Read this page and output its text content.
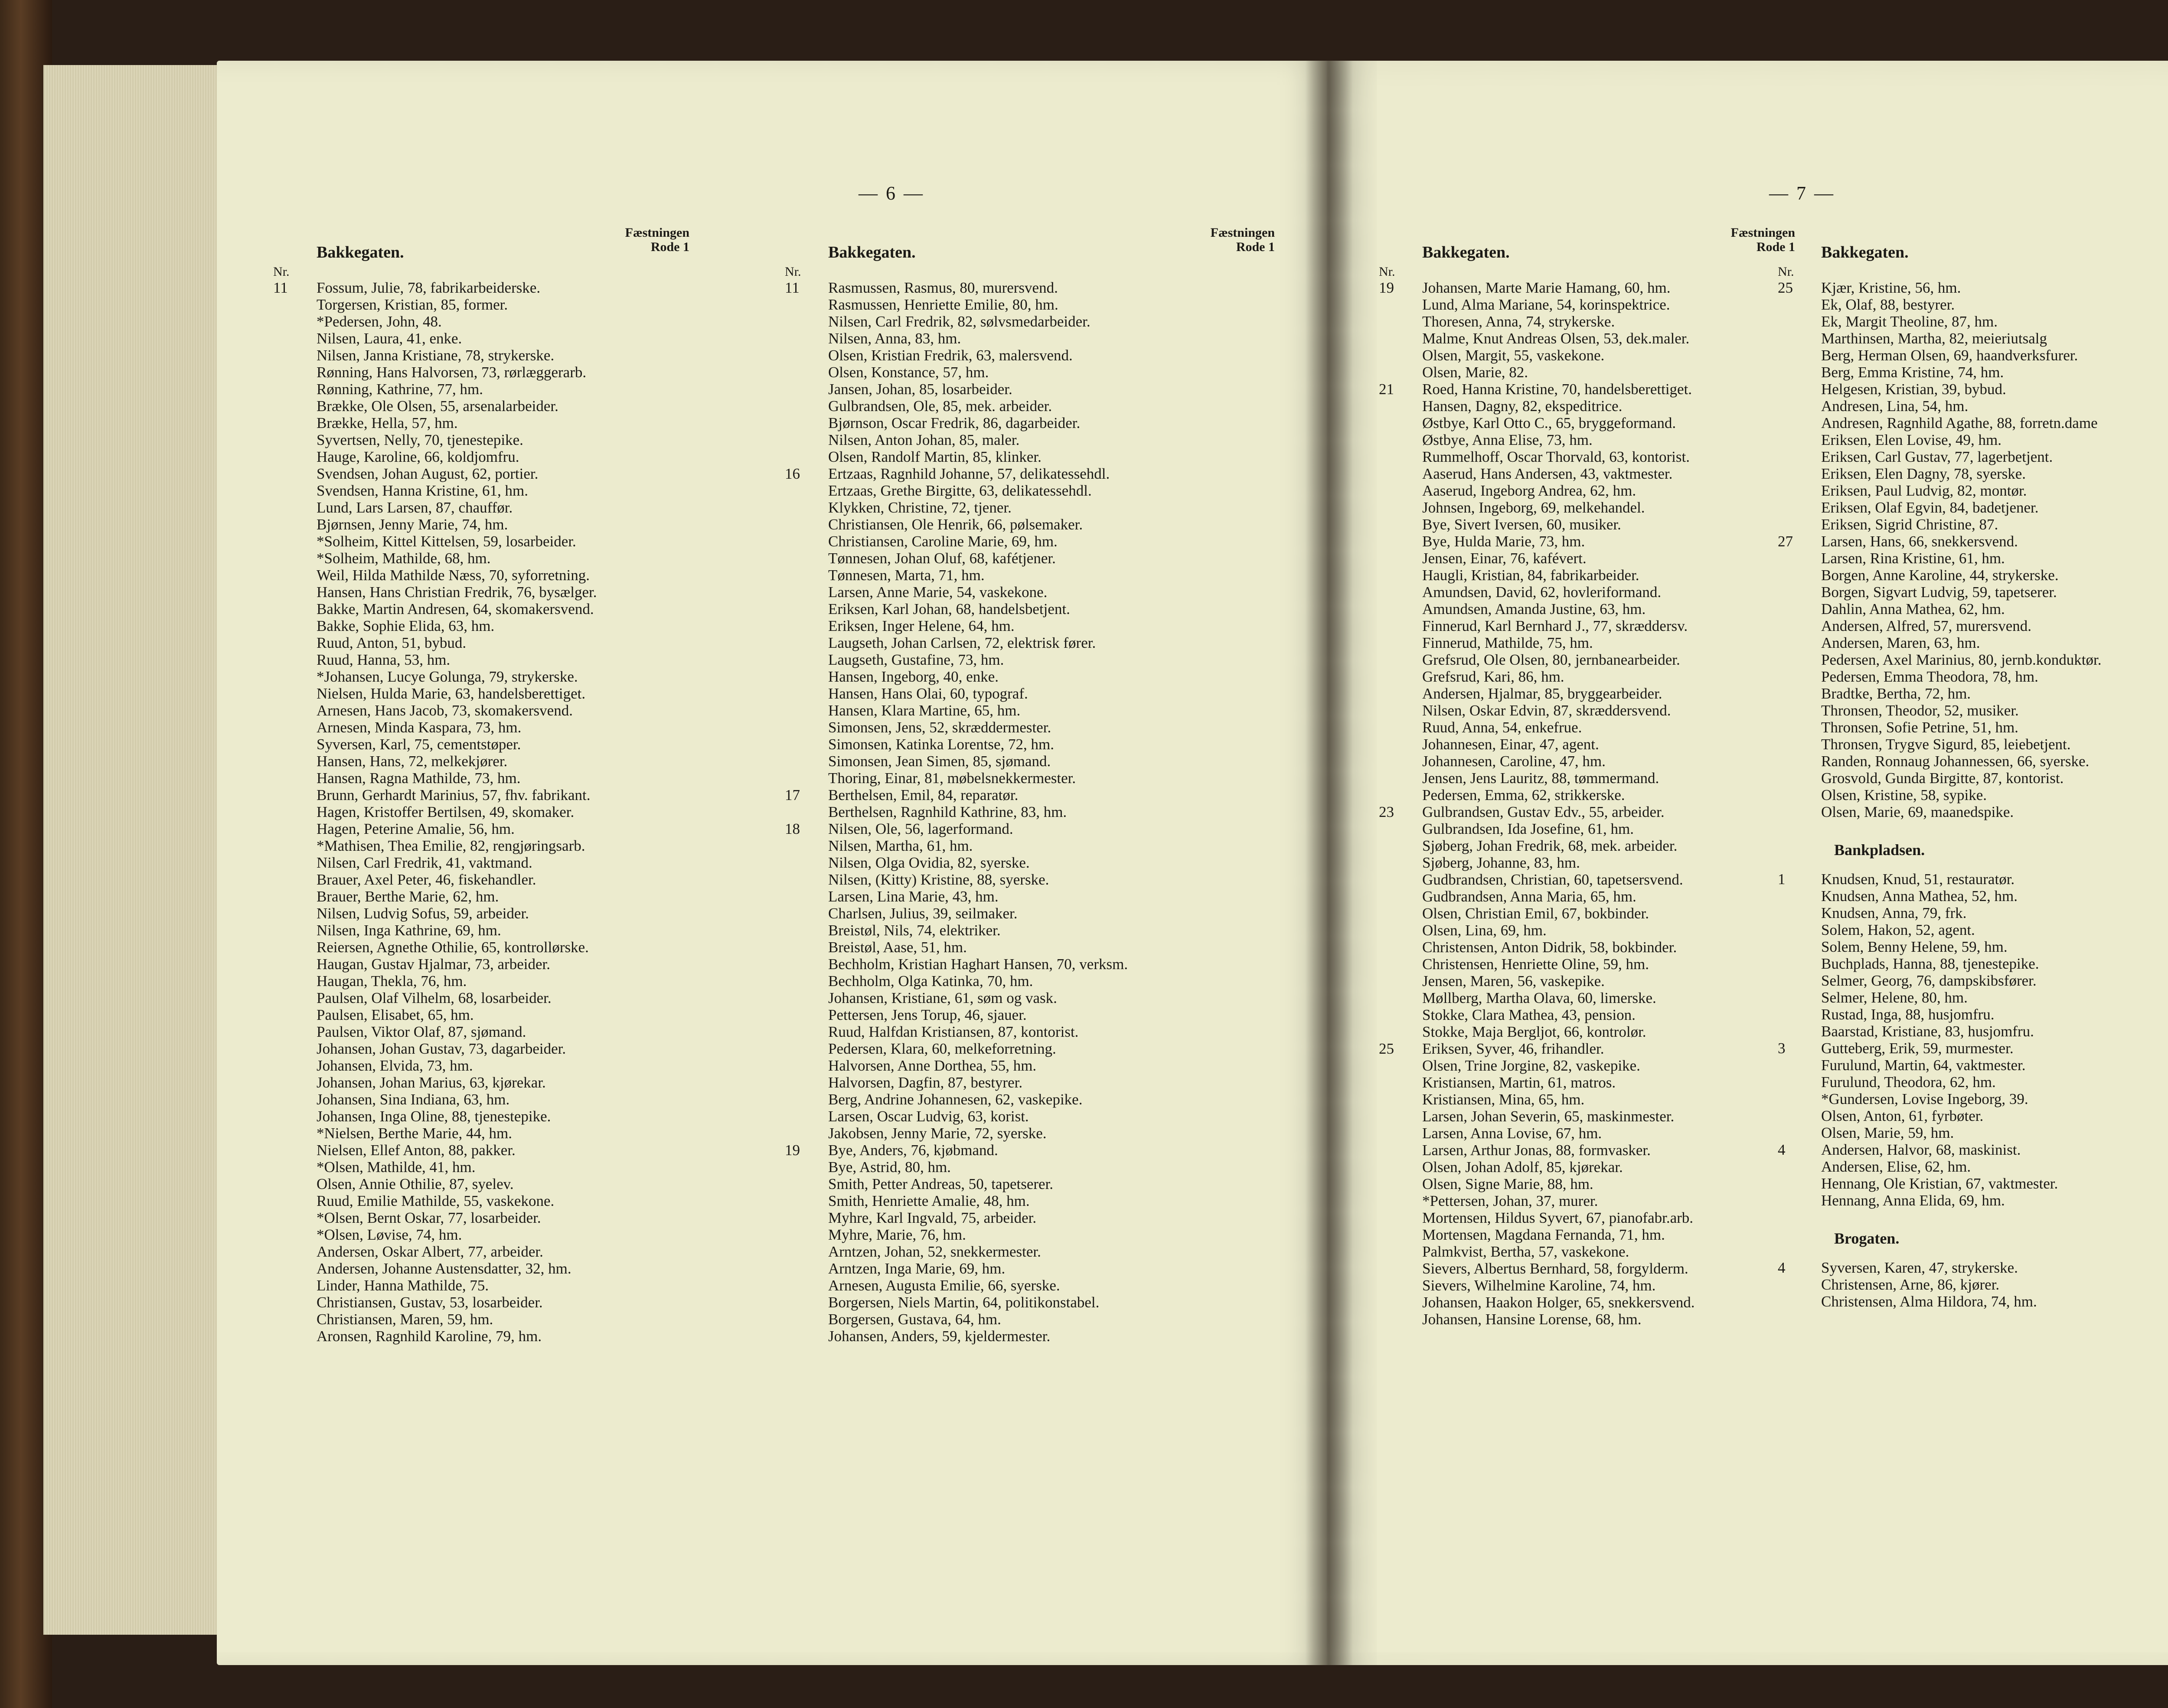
— 6 —
Bakkegaten.
Fæstningen
Rode 1
Nr.
11	Fossum, Julie, 78, fabrikarbeiderske.
Torgersen, Kristian, 85, former.
*Pedersen, John, 48.
Nilsen, Laura, 41, enke.
Nilsen, Janna Kristiane, 78, strykerske.
Rønning, Hans Halvorsen, 73, rørlæggerarb.
Rønning, Kathrine, 77, hm.
Brække, Ole Olsen, 55, arsenalarbeider.
Brække, Hella, 57, hm.
Syvertsen, Nelly, 70, tjenestepike.
Hauge, Karoline, 66, koldjomfru.
Svendsen, Johan August, 62, portier.
Svendsen, Hanna Kristine, 61, hm.
Lund, Lars Larsen, 87, chauffør.
Bjørnsen, Jenny Marie, 74, hm.
*Solheim, Kittel Kittelsen, 59, losarbeider.
*Solheim, Mathilde, 68, hm.
Weil, Hilda Mathilde Næss, 70, syforretning.
Hansen, Hans Christian Fredrik, 76, bysælger.
Bakke, Martin Andresen, 64, skomakersvend.
Bakke, Sophie Elida, 63, hm.
Ruud, Anton, 51, bybud.
Ruud, Hanna, 53, hm.
*Johansen, Lucye Golunga, 79, strykerske.
Nielsen, Hulda Marie, 63, handelsberettiget.
Arnesen, Hans Jacob, 73, skomakersvend.
Arnesen, Minda Kaspara, 73, hm.
Syversen, Karl, 75, cementstøper.
Hansen, Hans, 72, melkekjører.
Hansen, Ragna Mathilde, 73, hm.
Brunn, Gerhardt Marinius, 57, fhv. fabrikant.
Hagen, Kristoffer Bertilsen, 49, skomaker.
Hagen, Peterine Amalie, 56, hm.
*Mathisen, Thea Emilie, 82, rengjøringsarb.
Nilsen, Carl Fredrik, 41, vaktmand.
Brauer, Axel Peter, 46, fiskehandler.
Brauer, Berthe Marie, 62, hm.
Nilsen, Ludvig Sofus, 59, arbeider.
Nilsen, Inga Kathrine, 69, hm.
Reiersen, Agnethe Othilie, 65, kontrollørske.
Haugan, Gustav Hjalmar, 73, arbeider.
Haugan, Thekla, 76, hm.
Paulsen, Olaf Vilhelm, 68, losarbeider.
Paulsen, Elisabet, 65, hm.
Paulsen, Viktor Olaf, 87, sjømand.
Johansen, Johan Gustav, 73, dagarbeider.
Johansen, Elvida, 73, hm.
Johansen, Johan Marius, 63, kjørekar.
Johansen, Sina Indiana, 63, hm.
Johansen, Inga Oline, 88, tjenestepike.
*Nielsen, Berthe Marie, 44, hm.
Nielsen, Ellef Anton, 88, pakker.
*Olsen, Mathilde, 41, hm.
Olsen, Annie Othilie, 87, syelev.
Ruud, Emilie Mathilde, 55, vaskekone.
*Olsen, Bernt Oskar, 77, losarbeider.
*Olsen, Løvise, 74, hm.
Andersen, Oskar Albert, 77, arbeider.
Andersen, Johanne Austensdatter, 32, hm.
Linder, Hanna Mathilde, 75.
Christiansen, Gustav, 53, losarbeider.
Christiansen, Maren, 59, hm.
Aronsen, Ragnhild Karoline, 79, hm.
Bakkegaten.
Fæstningen
Rode 1
Nr.
11	Rasmussen, Rasmus, 80, murersvend.
Rasmussen, Henriette Emilie, 80, hm.
Nilsen, Carl Fredrik, 82, sølvsmedarbeider.
Nilsen, Anna, 83, hm.
Olsen, Kristian Fredrik, 63, malersvend.
Olsen, Konstance, 57, hm.
Jansen, Johan, 85, losarbeider.
Gulbrandsen, Ole, 85, mek. arbeider.
Bjørnson, Oscar Fredrik, 86, dagarbeider.
Nilsen, Anton Johan, 85, maler.
Olsen, Randolf Martin, 85, klinker.
16	Ertzaas, Ragnhild Johanne, 57, delikatessehdl.
Ertzaas, Grethe Birgitte, 63, delikatessehdl.
Klykken, Christine, 72, tjener.
Christiansen, Ole Henrik, 66, pølsemaker.
Christiansen, Caroline Marie, 69, hm.
Tønnesen, Johan Oluf, 68, kafétjener.
Tønnesen, Marta, 71, hm.
Larsen, Anne Marie, 54, vaskekone.
Eriksen, Karl Johan, 68, handelsbetjent.
Eriksen, Inger Helene, 64, hm.
Laugseth, Johan Carlsen, 72, elektrisk fører.
Laugseth, Gustafine, 73, hm.
Hansen, Ingeborg, 40, enke.
Hansen, Hans Olai, 60, typograf.
Hansen, Klara Martine, 65, hm.
Simonsen, Jens, 52, skræddermester.
Simonsen, Katinka Lorentse, 72, hm.
Simonsen, Jean Simen, 85, sjømand.
Thoring, Einar, 81, møbelsnekkermester.
17	Berthelsen, Emil, 84, reparatør.
Berthelsen, Ragnhild Kathrine, 83, hm.
18	Nilsen, Ole, 56, lagerformand.
Nilsen, Martha, 61, hm.
Nilsen, Olga Ovidia, 82, syerske.
Nilsen, (Kitty) Kristine, 88, syerske.
Larsen, Lina Marie, 43, hm.
Charlsen, Julius, 39, seilmaker.
Breistøl, Nils, 74, elektriker.
Breistøl, Aase, 51, hm.
Bechholm, Kristian Haghart Hansen, 70, verksm.
Bechholm, Olga Katinka, 70, hm.
Johansen, Kristiane, 61, søm og vask.
Pettersen, Jens Torup, 46, sjauer.
Ruud, Halfdan Kristiansen, 87, kontorist.
Pedersen, Klara, 60, melkeforretning.
Halvorsen, Anne Dorthea, 55, hm.
Halvorsen, Dagfin, 87, bestyrer.
Berg, Andrine Johannesen, 62, vaskepike.
Larsen, Oscar Ludvig, 63, korist.
Jakobsen, Jenny Marie, 72, syerske.
19	Bye, Anders, 76, kjøbmand.
Bye, Astrid, 80, hm.
Smith, Petter Andreas, 50, tapetserer.
Smith, Henriette Amalie, 48, hm.
Myhre, Karl Ingvald, 75, arbeider.
Myhre, Marie, 76, hm.
Arntzen, Johan, 52, snekkermester.
Arntzen, Inga Marie, 69, hm.
Arnesen, Augusta Emilie, 66, syerske.
Borgersen, Niels Martin, 64, politikonstabel.
Borgersen, Gustava, 64, hm.
Johansen, Anders, 59, kjeldermester.
— 7 —
Bakkegaten.
Fæstningen
Rode 1
Nr.
19	Johansen, Marte Marie Hamang, 60, hm.
Lund, Alma Mariane, 54, korinspektrice.
Thoresen, Anna, 74, strykerske.
Malme, Knut Andreas Olsen, 53, dek.maler.
Olsen, Margit, 55, vaskekone.
Olsen, Marie, 82.
21	Roed, Hanna Kristine, 70, handelsberettiget.
Hansen, Dagny, 82, ekspeditrice.
Østbye, Karl Otto C., 65, bryggeformand.
Østbye, Anna Elise, 73, hm.
Rummelhoff, Oscar Thorvald, 63, kontorist.
Aaserud, Hans Andersen, 43, vaktmester.
Aaserud, Ingeborg Andrea, 62, hm.
Johnsen, Ingeborg, 69, melkehandel.
Bye, Sivert Iversen, 60, musiker.
Bye, Hulda Marie, 73, hm.
Jensen, Einar, 76, kafévert.
Haugli, Kristian, 84, fabrikarbeider.
Amundsen, David, 62, hovleriformand.
Amundsen, Amanda Justine, 63, hm.
Finnerud, Karl Bernhard J., 77, skræddersv.
Finnerud, Mathilde, 75, hm.
Grefsrud, Ole Olsen, 80, jernbanearbeider.
Grefsrud, Kari, 86, hm.
Andersen, Hjalmar, 85, bryggearbeider.
Nilsen, Oskar Edvin, 87, skræddersvend.
Ruud, Anna, 54, enkefrue.
Johannesen, Einar, 47, agent.
Johannesen, Caroline, 47, hm.
Jensen, Jens Lauritz, 88, tømmermand.
Pedersen, Emma, 62, strikkerske.
23	Gulbrandsen, Gustav Edv., 55, arbeider.
Gulbrandsen, Ida Josefine, 61, hm.
Sjøberg, Johan Fredrik, 68, mek. arbeider.
Sjøberg, Johanne, 83, hm.
Gudbrandsen, Christian, 60, tapetsersvend.
Gudbrandsen, Anna Maria, 65, hm.
Olsen, Christian Emil, 67, bokbinder.
Olsen, Lina, 69, hm.
Christensen, Anton Didrik, 58, bokbinder.
Christensen, Henriette Oline, 59, hm.
Jensen, Maren, 56, vaskepike.
Møllberg, Martha Olava, 60, limerske.
Stokke, Clara Mathea, 43, pension.
Stokke, Maja Bergljot, 66, kontrolør.
25	Eriksen, Syver, 46, frihandler.
Olsen, Trine Jorgine, 82, vaskepike.
Kristiansen, Martin, 61, matros.
Kristiansen, Mina, 65, hm.
Larsen, Johan Severin, 65, maskinmester.
Larsen, Anna Lovise, 67, hm.
Larsen, Arthur Jonas, 88, formvasker.
Olsen, Johan Adolf, 85, kjørekar.
Olsen, Signe Marie, 88, hm.
*Pettersen, Johan, 37, murer.
Mortensen, Hildus Syvert, 67, pianofabr.arb.
Mortensen, Magdana Fernanda, 71, hm.
Palmkvist, Bertha, 57, vaskekone.
Sievers, Albertus Bernhard, 58, forgylderm.
Sievers, Wilhelmine Karoline, 74, hm.
Johansen, Haakon Holger, 65, snekkersvend.
Johansen, Hansine Lorense, 68, hm.
Bakkegaten.

Nr.
25	Kjær, Kristine, 56, hm.
Ek, Olaf, 88, bestyrer.
Ek, Margit Theoline, 87, hm.
Marthinsen, Martha, 82, meieriutsalg
Berg, Herman Olsen, 69, haandverksfurer.
Berg, Emma Kristine, 74, hm.
Helgesen, Kristian, 39, bybud.
Andresen, Lina, 54, hm.
Andresen, Ragnhild Agathe, 88, forretn.dame
Eriksen, Elen Lovise, 49, hm.
Eriksen, Carl Gustav, 77, lagerbetjent.
Eriksen, Elen Dagny, 78, syerske.
Eriksen, Paul Ludvig, 82, montør.
Eriksen, Olaf Egvin, 84, badetjener.
Eriksen, Sigrid Christine, 87.
27	Larsen, Hans, 66, snekkersvend.
Larsen, Rina Kristine, 61, hm.
Borgen, Anne Karoline, 44, strykerske.
Borgen, Sigvart Ludvig, 59, tapetserer.
Dahlin, Anna Mathea, 62, hm.
Andersen, Alfred, 57, murersvend.
Andersen, Maren, 63, hm.
Pedersen, Axel Marinius, 80, jernb.konduktør.
Pedersen, Emma Theodora, 78, hm.
Bradtke, Bertha, 72, hm.
Thronsen, Theodor, 52, musiker.
Thronsen, Sofie Petrine, 51, hm.
Thronsen, Trygve Sigurd, 85, leiebetjent.
Randen, Ronnaug Johannessen, 66, syerske.
Grosvold, Gunda Birgitte, 87, kontorist.
Olsen, Kristine, 58, sypike.
Olsen, Marie, 69, maanedspike.
Bankpladsen.
1	Knudsen, Knud, 51, restauratør.
Knudsen, Anna Mathea, 52, hm.
Knudsen, Anna, 79, frk.
Solem, Hakon, 52, agent.
Solem, Benny Helene, 59, hm.
Buchplads, Hanna, 88, tjenestepike.
Selmer, Georg, 76, dampskibsfører.
Selmer, Helene, 80, hm.
Rustad, Inga, 88, husjomfru.
Baarstad, Kristiane, 83, husjomfru.
3	Gutteberg, Erik, 59, murmester.
Furulund, Martin, 64, vaktmester.
Furulund, Theodora, 62, hm.
*Gundersen, Lovise Ingeborg, 39.
Olsen, Anton, 61, fyrbøter.
Olsen, Marie, 59, hm.
4	Andersen, Halvor, 68, maskinist.
Andersen, Elise, 62, hm.
Hennang, Ole Kristian, 67, vaktmester.
Hennang, Anna Elida, 69, hm.
Brogaten.
4	Syversen, Karen, 47, strykerske.
Christensen, Arne, 86, kjører.
Christensen, Alma Hildora, 74, hm.
